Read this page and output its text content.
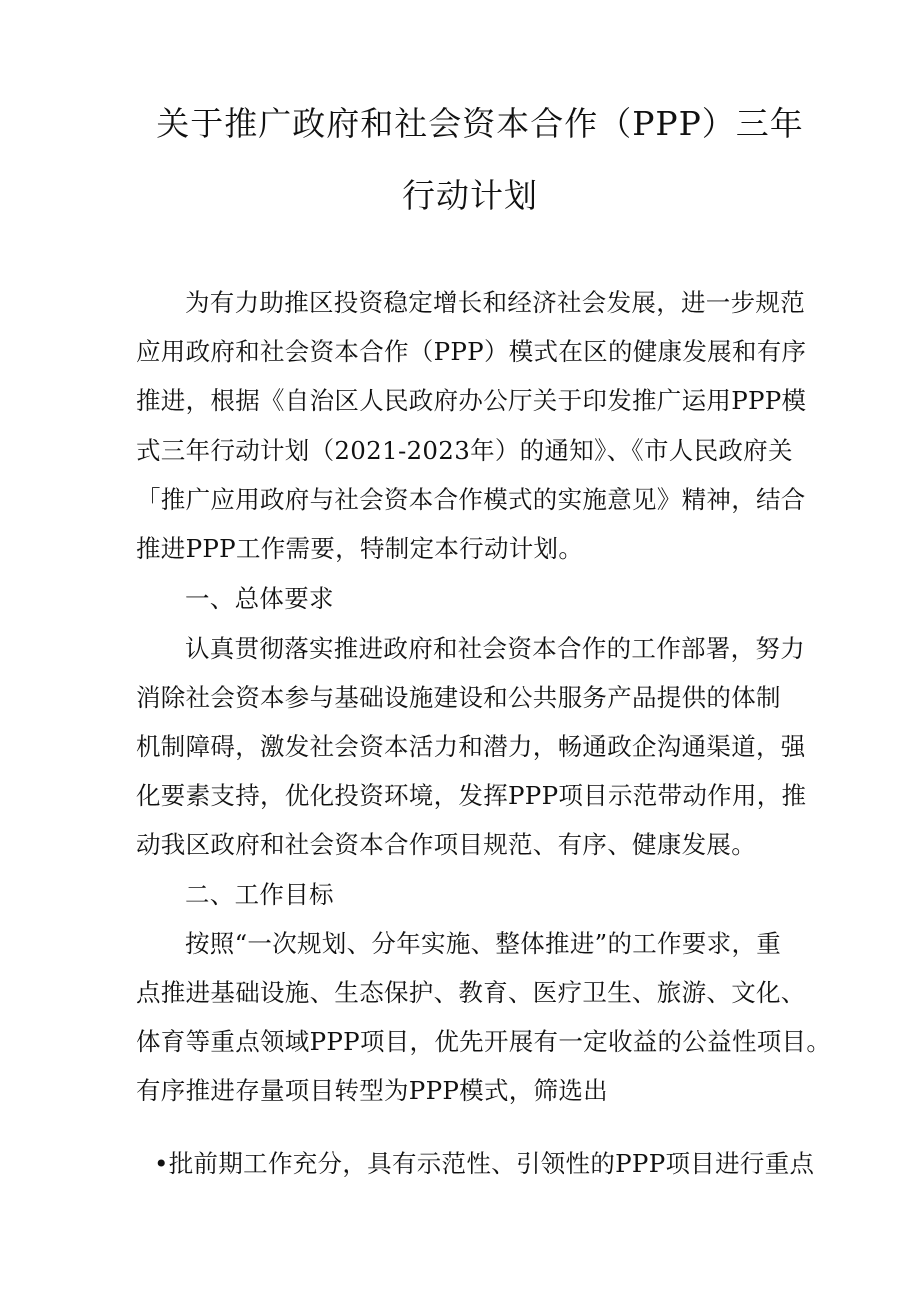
关于推广政府和社会资本合作（PPP）三年
行动计划
为有力助推区投资稳定增长和经济社会发展，进一步规范
应用政府和社会资本合作（PPP）模式在区的健康发展和有序
推进，根据《自治区人民政府办公厅关于印发推广运用PPP模
式三年行动计划（2021-2023年）的通知》、《市人民政府关
「推广应用政府与社会资本合作模式的实施意见》精神，结合
推进PPP工作需要，特制定本行动计划。
一、总体要求
认真贯彻落实推进政府和社会资本合作的工作部署，努力
消除社会资本参与基础设施建设和公共服务产品提供的体制
机制障碍，激发社会资本活力和潜力，畅通政企沟通渠道，强
化要素支持，优化投资环境，发挥PPP项目示范带动作用，推
动我区政府和社会资本合作项目规范、有序、健康发展。
二、工作目标
按照“一次规划、分年实施、整体推进”的工作要求，重
点推进基础设施、生态保护、教育、医疗卫生、旅游、文化、
体育等重点领域PPP项目，优先开展有一定收益的公益性项目。
有序推进存量项目转型为PPP模式，筛选出
•批前期工作充分，具有示范性、引领性的PPP项目进行重点
